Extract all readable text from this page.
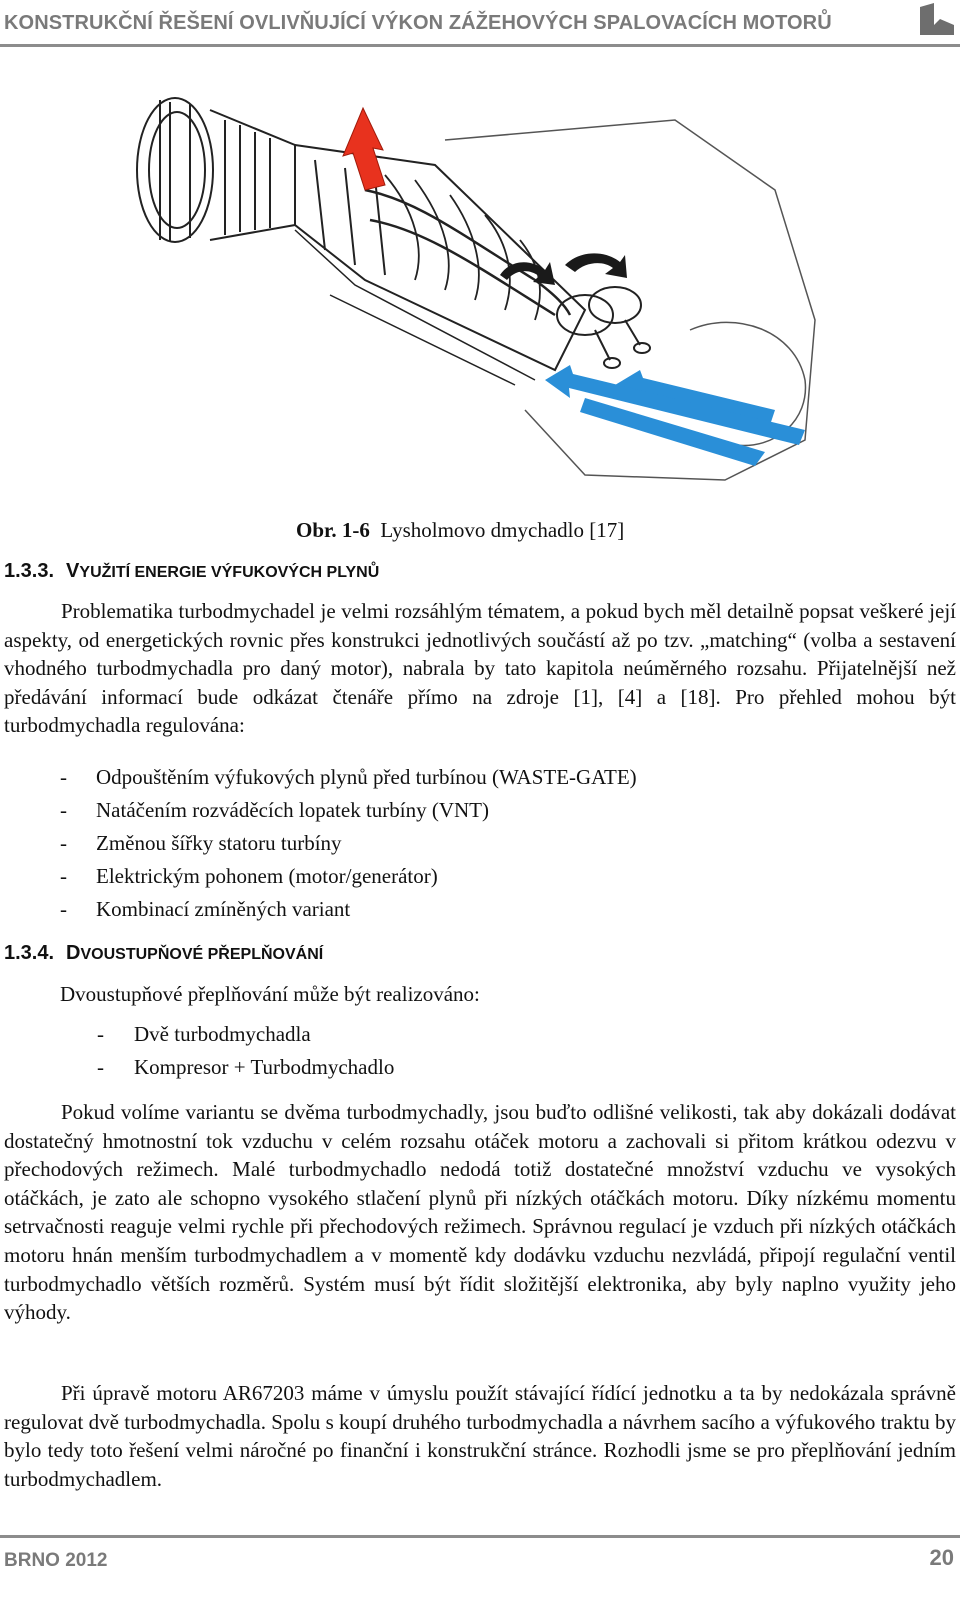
KONSTRUKČNÍ ŘEŠENÍ OVLIVŇUJÍCÍ VÝKON ZÁŽEHOVÝCH SPALOVACÍCH MOTORŮ
Obr. 1-6 Lysholmovo dmychadlo [17]
1.3.3. VYUŽITÍ ENERGIE VÝFUKOVÝCH PLYNŮ
Problematika turbodmychadel je velmi rozsáhlým tématem, a pokud bych měl detailně popsat veškeré její aspekty, od energetických rovnic přes konstrukci jednotlivých součástí až po tzv. „matching“ (volba a sestavení vhodného turbodmychadla pro daný motor), nabrala by tato kapitola neúměrného rozsahu. Přijatelnější než předávání informací bude odkázat čtenáře přímo na zdroje [1], [4] a [18]. Pro přehled mohou být turbodmychadla regulována:
- Odpouštěním výfukových plynů před turbínou (WASTE-GATE)
- Natáčením rozváděcích lopatek turbíny (VNT)
- Změnou šířky statoru turbíny
- Elektrickým pohonem (motor/generátor)
- Kombinací zmíněných variant
1.3.4. DVOUSTUPŇOVÉ PŘEPLŇOVÁNÍ
Dvoustupňové přeplňování může být realizováno:
- Dvě turbodmychadla
- Kompresor + Turbodmychadlo
Pokud volíme variantu se dvěma turbodmychadly, jsou buďto odlišné velikosti, tak aby dokázali dodávat dostatečný hmotnostní tok vzduchu v celém rozsahu otáček motoru a zachovali si přitom krátkou odezvu v přechodových režimech. Malé turbodmychadlo nedodá totiž dostatečné množství vzduchu ve vysokých otáčkách, je zato ale schopno vysokého stlačení plynů při nízkých otáčkách motoru. Díky nízkému momentu setrvačnosti reaguje velmi rychle při přechodových režimech. Správnou regulací je vzduch při nízkých otáčkách motoru hnán menším turbodmychadlem a v momentě kdy dodávku vzduchu nezvládá, připojí regulační ventil turbodmychadlo větších rozměrů. Systém musí být řídit složitější elektronika, aby byly naplno využity jeho výhody.
Při úpravě motoru AR67203 máme v úmyslu použít stávající řídící jednotku a ta by nedokázala správně regulovat dvě turbodmychadla. Spolu s koupí druhého turbodmychadla a návrhem sacího a výfukového traktu by bylo tedy toto řešení velmi náročné po finanční i konstrukční stránce. Rozhodli jsme se pro přeplňování jedním turbodmychadlem.
BRNO 2012	20
